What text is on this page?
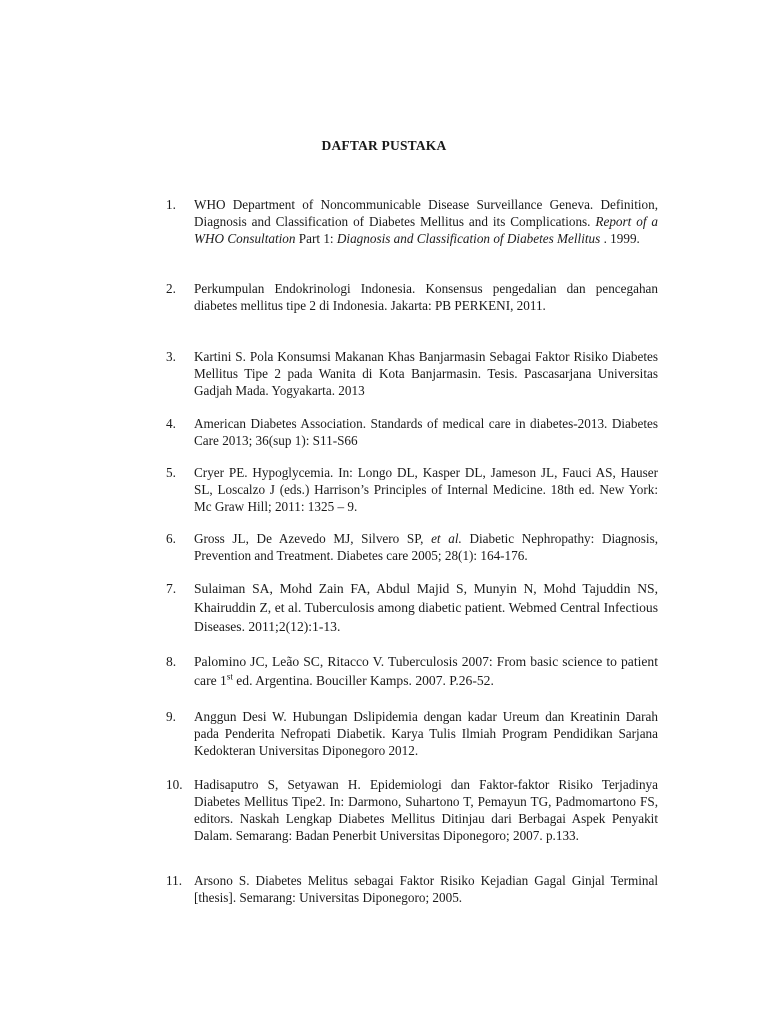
DAFTAR PUSTAKA
1.	WHO Department of Noncommunicable Disease Surveillance Geneva. Definition, Diagnosis and Classification of Diabetes Mellitus and its Complications. Report of a WHO Consultation Part 1: Diagnosis and Classification of Diabetes Mellitus . 1999.
2.	Perkumpulan Endokrinologi Indonesia. Konsensus pengedalian dan pencegahan diabetes mellitus tipe 2 di Indonesia. Jakarta: PB PERKENI, 2011.
3.	Kartini S. Pola Konsumsi Makanan Khas Banjarmasin Sebagai Faktor Risiko Diabetes Mellitus Tipe 2 pada Wanita di Kota Banjarmasin. Tesis. Pascasarjana Universitas Gadjah Mada. Yogyakarta. 2013
4.	American Diabetes Association. Standards of medical care in diabetes-2013. Diabetes Care 2013; 36(sup 1): S11-S66
5.	Cryer PE. Hypoglycemia. In: Longo DL, Kasper DL, Jameson JL, Fauci AS, Hauser SL, Loscalzo J (eds.) Harrison’s Principles of Internal Medicine. 18th ed. New York: Mc Graw Hill; 2011: 1325 – 9.
6.	Gross JL, De Azevedo MJ, Silvero SP, et al. Diabetic Nephropathy: Diagnosis, Prevention and Treatment. Diabetes care 2005; 28(1): 164-176.
7.	Sulaiman SA, Mohd Zain FA, Abdul Majid S, Munyin N, Mohd Tajuddin NS, Khairuddin Z, et al. Tuberculosis among diabetic patient. Webmed Central Infectious Diseases. 2011;2(12):1-13.
8.	Palomino JC, Leão SC, Ritacco V. Tuberculosis 2007: From basic science to patient care 1st ed. Argentina. Bouciller Kamps. 2007. P.26-52.
9.	Anggun Desi W. Hubungan Dslipidemia dengan kadar Ureum dan Kreatinin Darah pada Penderita Nefropati Diabetik. Karya Tulis Ilmiah Program Pendidikan Sarjana Kedokteran Universitas Diponegoro 2012.
10. Hadisaputro S, Setyawan H. Epidemiologi dan Faktor-faktor Risiko Terjadinya Diabetes Mellitus Tipe2. In: Darmono, Suhartono T, Pemayun TG, Padmomartono FS, editors. Naskah Lengkap Diabetes Mellitus Ditinjau dari Berbagai Aspek Penyakit Dalam. Semarang: Badan Penerbit Universitas Diponegoro; 2007. p.133.
11. Arsono S. Diabetes Melitus sebagai Faktor Risiko Kejadian Gagal Ginjal Terminal [thesis]. Semarang: Universitas Diponegoro; 2005.
